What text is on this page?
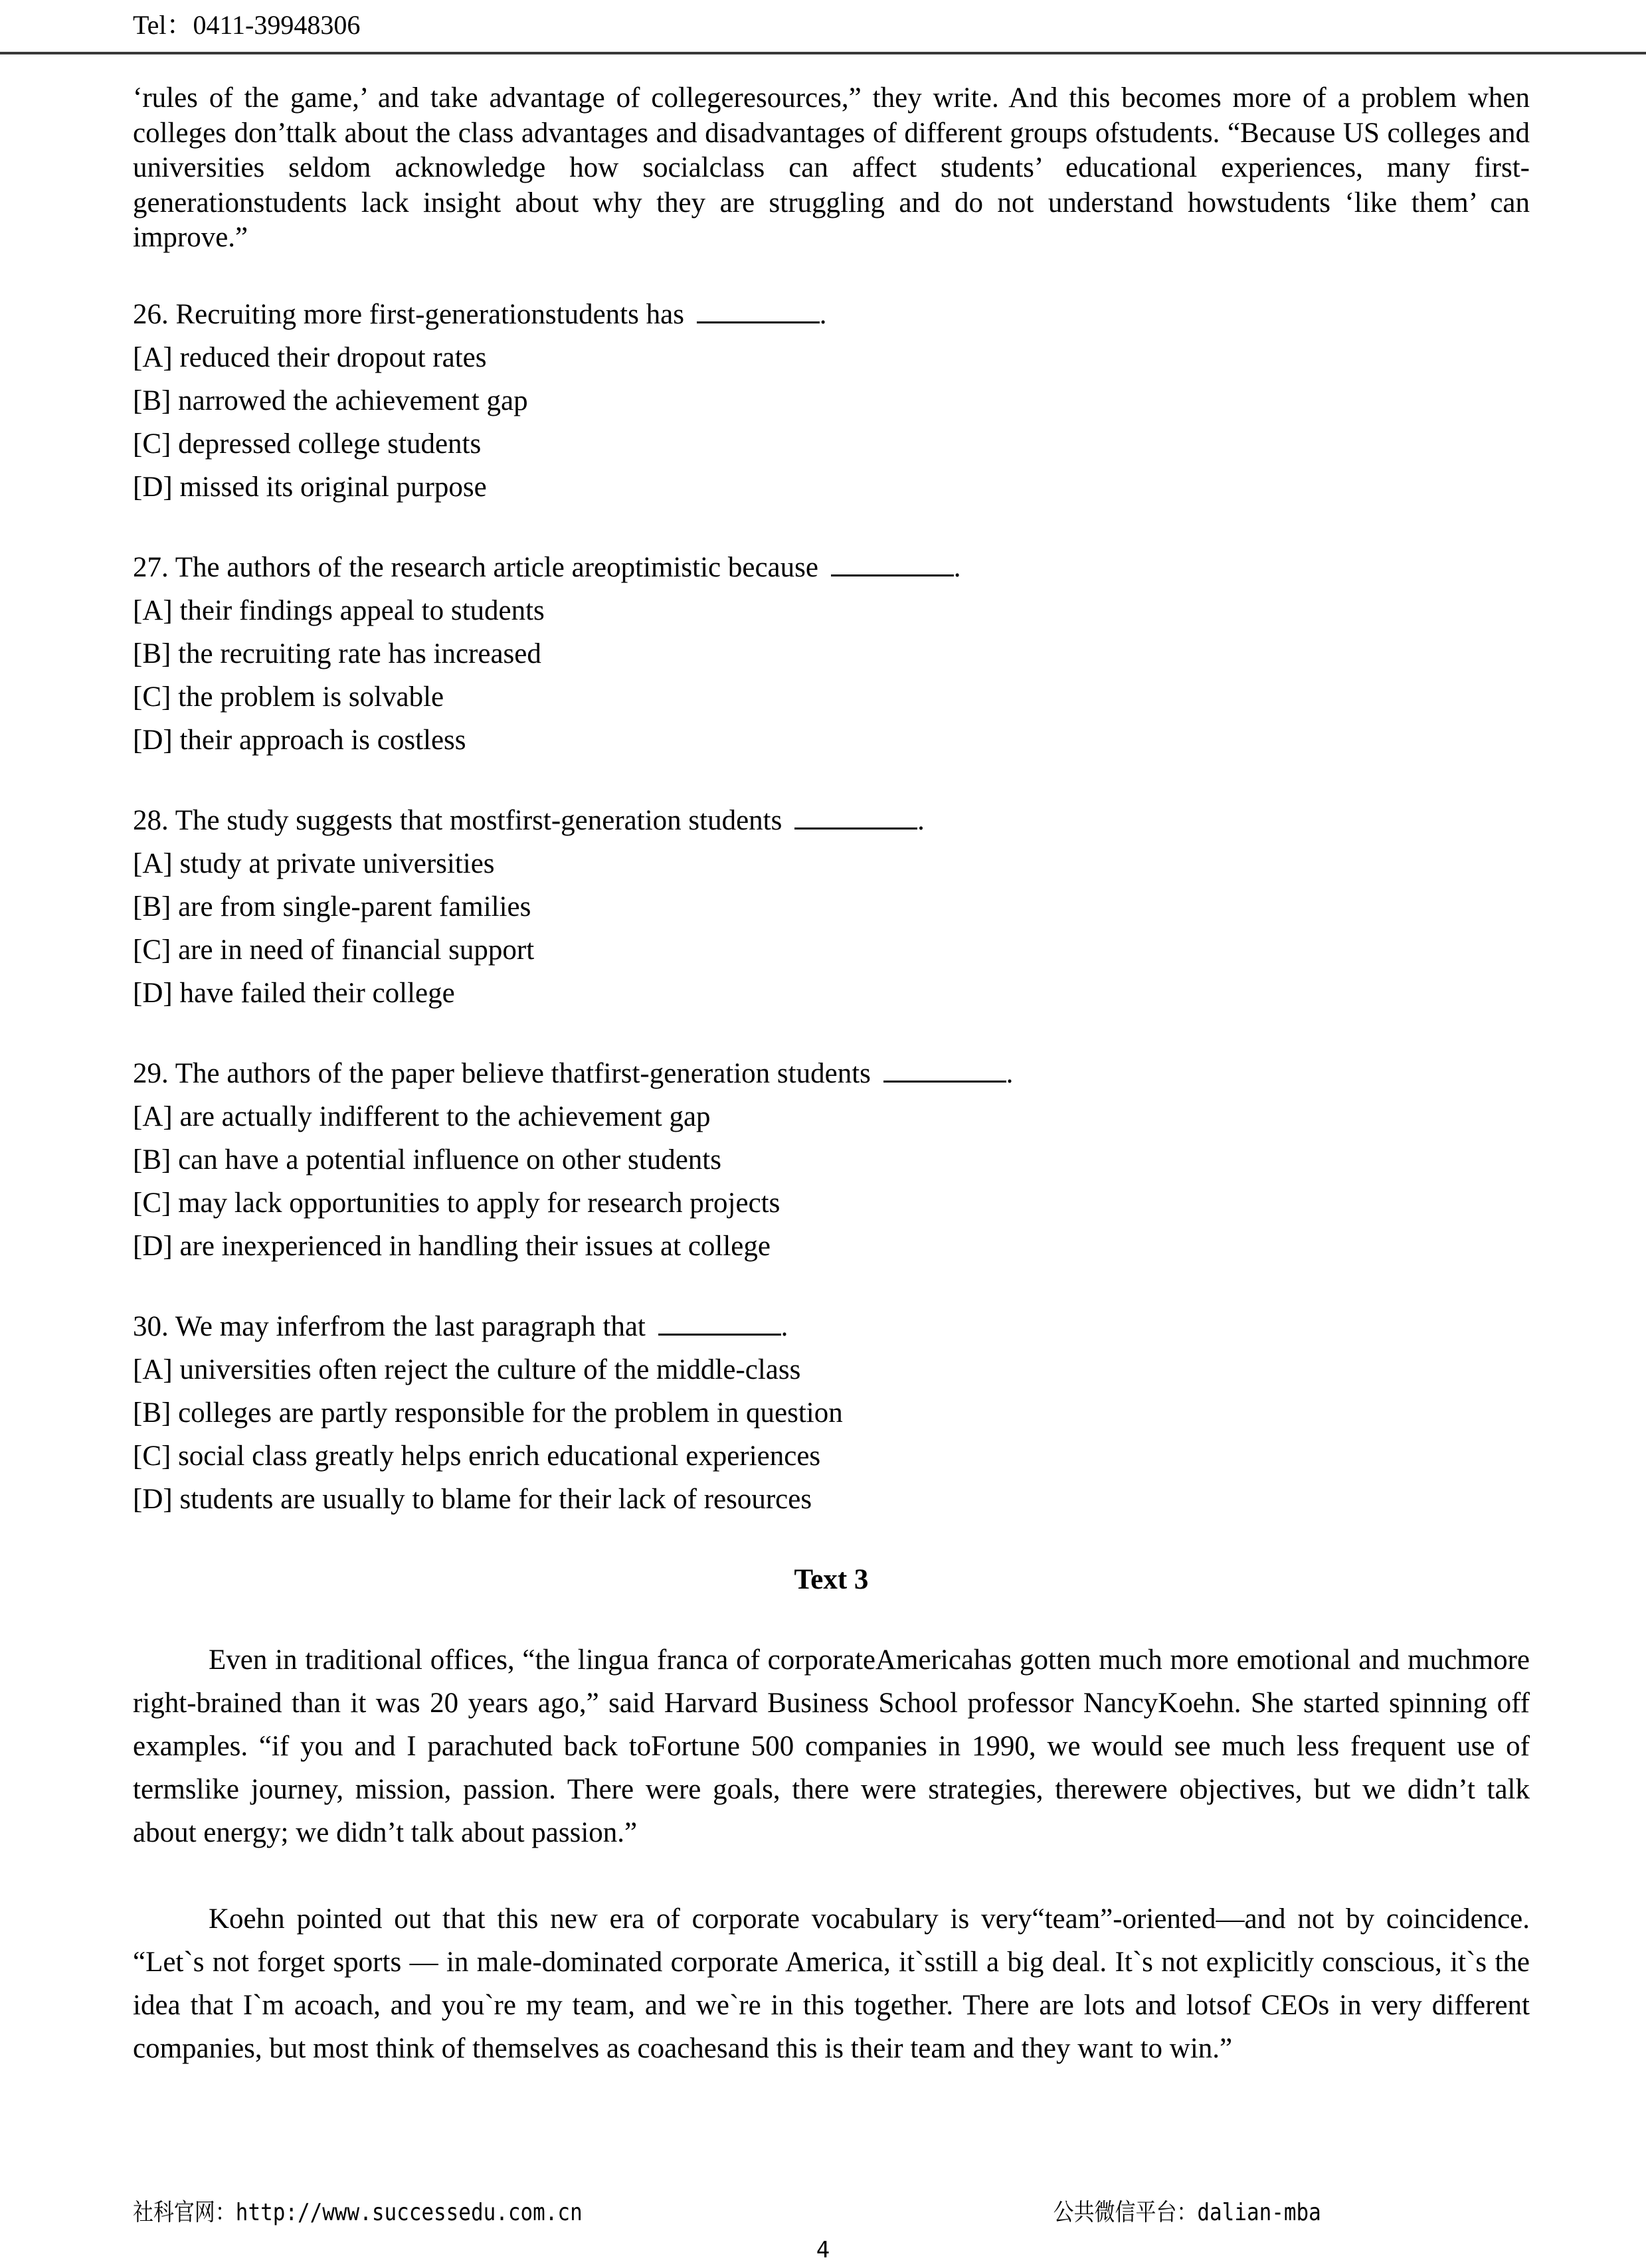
Tel：0411-39948306

‘rules of the game,’ and take advantage of collegeresources,” they write. And this becomes more of a problem when colleges don’ttalk about the class advantages and disadvantages of different groups ofstudents. “Because US colleges and universities seldom acknowledge how socialclass can affect students’ educational experiences, many first-generationstudents lack insight about why they are struggling and do not understand howstudents ‘like them’ can improve.”

26. Recruiting more first-generationstudents has	.
[A] reduced their dropout rates
[B] narrowed the achievement gap
[C] depressed college students
[D] missed its original purpose
27. The authors of the research article areoptimistic because	.
[A] their findings appeal to students
[B] the recruiting rate has increased
[C] the problem is solvable
[D] their approach is costless
28. The study suggests that mostfirst-generation students	.
[A] study at private universities
[B] are from single-parent families
[C] are in need of financial support
[D] have failed their college
29. The authors of the paper believe thatfirst-generation students	.
[A] are actually indifferent to the achievement gap
[B] can have a potential influence on other students
[C] may lack opportunities to apply for research projects
[D] are inexperienced in handling their issues at college
30. We may inferfrom the last paragraph that	.
[A] universities often reject the culture of the middle-class
[B] colleges are partly responsible for the problem in question
[C] social class greatly helps enrich educational experiences
[D] students are usually to blame for their lack of resources
Text 3

Even in traditional offices, “the lingua franca of corporateAmericahas gotten much more emotional and muchmore right-brained than it was 20 years ago,” said Harvard Business School professor NancyKoehn. She started spinning off examples. “if you and I parachuted back toFortune 500 companies in 1990, we would see much less frequent use of termslike journey, mission, passion. There were goals, there were strategies, therewere objectives, but we didn’t talk about energy; we didn’t talk about passion.”

Koehn pointed out that this new era of corporate vocabulary is very“team”-oriented—and not by coincidence. “Let`s not forget sports — in male-dominated corporate America, it`sstill a big deal. It`s not explicitly conscious, it`s the idea that I`m acoach, and you`re my team, and we`re in this together. There are lots and lotsof CEOs in very different companies, but most think of themselves as coachesand this is their team and they want to win.”

社科官网：http://www.successedu.com.cn	公共微信平台：dalian-mba
4
